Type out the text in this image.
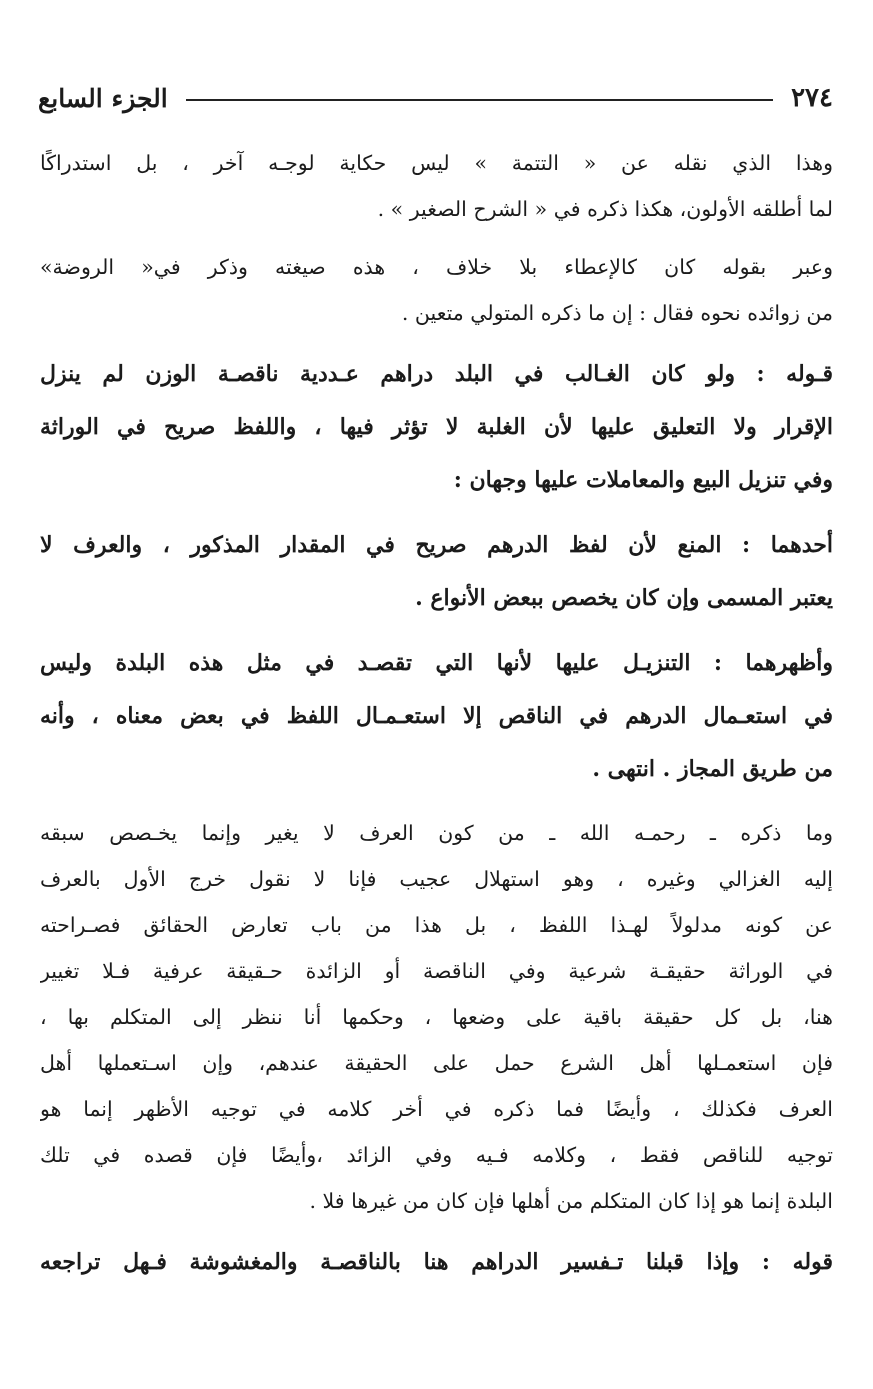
٢٧٤
الجزء السابع
وهذا الذي نقله عن « التتمة » ليس حكاية لوجـه آخر ، بل استدراكًا
لما أطلقه الأولون، هكذا ذكره في « الشرح الصغير » .
وعبر بقوله كان كالإعطاء بلا خلاف ، هذه صيغته وذكر في« الروضة»
من زوائده نحوه فقال : إن ما ذكره المتولي متعين .
قـوله : ولو كان الغـالب في البلد دراهم عـددية ناقصـة الوزن لم ينزل
الإقرار ولا التعليق عليها لأن الغلبة لا تؤثر فيها ، واللفظ صريح في الوراثة
وفي تنزيل البيع والمعاملات عليها وجهان :
أحدهما : المنع لأن لفظ الدرهم صريح في المقدار المذكور ، والعرف لا
يعتبر المسمى وإن كان يخصص ببعض الأنواع .
وأظهرهما : التنزيـل عليها لأنها التي تقصـد في مثل هذه البلدة وليس
في استعـمال الدرهم في الناقص إلا استعـمـال اللفظ في بعض معناه ، وأنه
من طريق المجاز . انتهى .
وما ذكره ـ رحمـه الله ـ من كون العرف لا يغير وإنما يخـصص سبقه
إليه الغزالي وغيره ، وهو استهلال عجيب فإنا لا نقول خرج الأول بالعرف
عن كونه مدلولاً لهـذا اللفظ ، بل هذا من باب تعارض الحقائق فصـراحته
في الوراثة حقيقـة شرعية وفي الناقصة أو الزائدة حـقيقة عرفية فـلا تغيير
هنا، بل كل حقيقة باقية على وضعها ، وحكمها أنا ننظر إلى المتكلم بها ،
فإن استعمـلها أهل الشرع حمل على الحقيقة عندهم، وإن اسـتعملها أهل
العرف فكذلك ، وأيضًا فما ذكره في أخر كلامه في توجيه الأظهر إنما هو
توجيه للناقص فقط ، وكلامه فـيه وفي الزائد ،وأيضًا فإن قصده في تلك
البلدة إنما هو إذا كان المتكلم من أهلها فإن كان من غيرها فلا .
قوله : وإذا قبلنا تـفسير الدراهم هنا بالناقصـة والمغشوشة فـهل تراجعه
